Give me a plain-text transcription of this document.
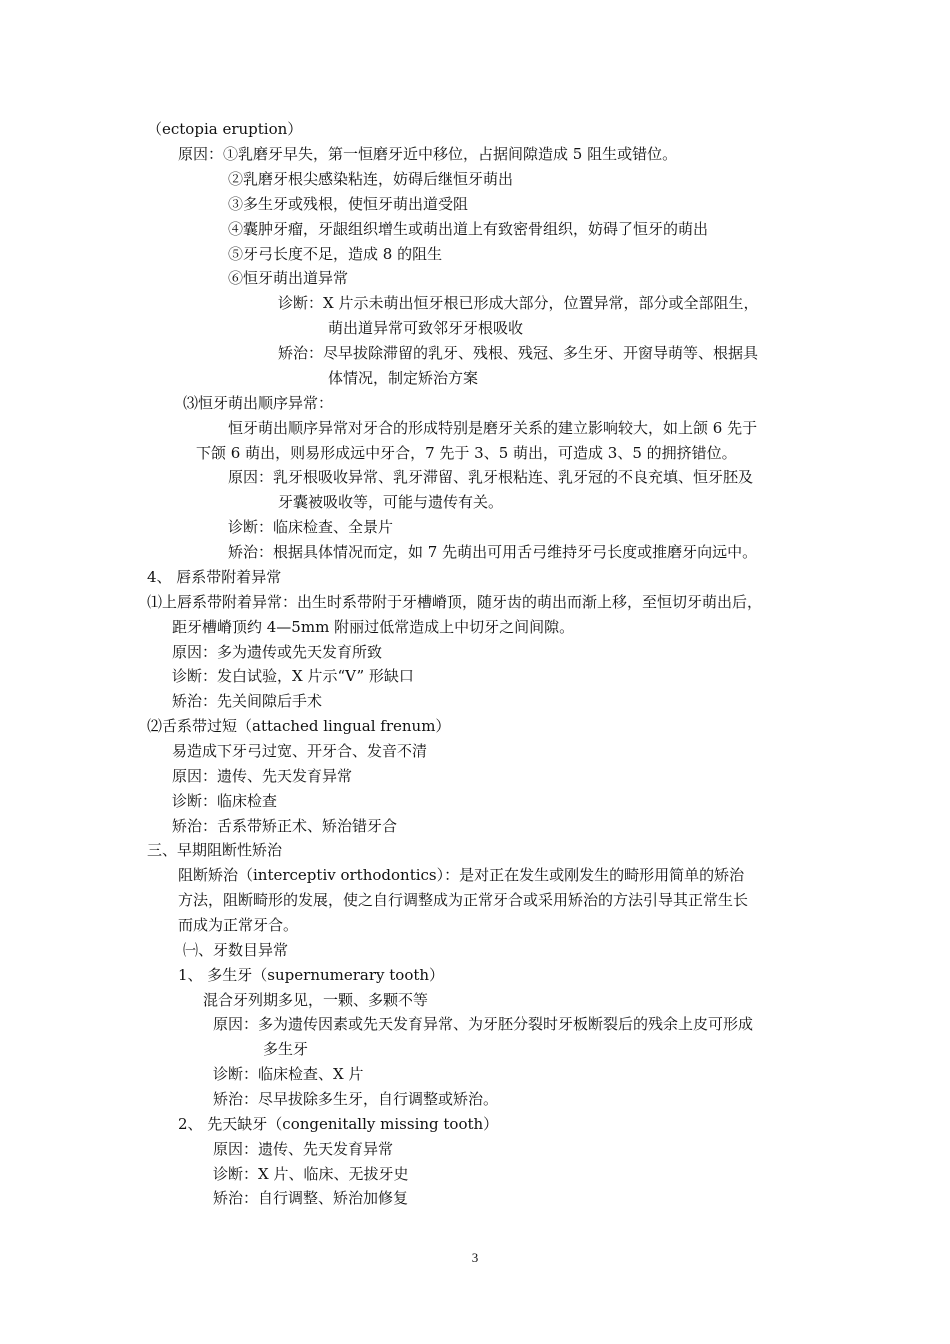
（ectopia eruption）
原因：①乳磨牙早失，第一恒磨牙近中移位，占据间隙造成 5 阻生或错位。
②乳磨牙根尖感染粘连，妨碍后继恒牙萌出
③多生牙或残根，使恒牙萌出道受阻
④囊肿牙瘤，牙龈组织增生或萌出道上有致密骨组织，妨碍了恒牙的萌出
⑤牙弓长度不足，造成 8 的阻生
⑥恒牙萌出道异常
诊断：X 片示未萌出恒牙根已形成大部分，位置异常，部分或全部阻生，
萌出道异常可致邻牙牙根吸收
矫治：尽早拔除滞留的乳牙、残根、残冠、多生牙、开窗导萌等、根据具
体情况，制定矫治方案
⑶恒牙萌出顺序异常：
恒牙萌出顺序异常对牙合的形成特别是磨牙关系的建立影响较大，如上颌 6 先于
下颌 6 萌出，则易形成远中牙合，7 先于 3、5 萌出，可造成 3、5 的拥挤错位。
原因：乳牙根吸收异常、乳牙滞留、乳牙根粘连、乳牙冠的不良充填、恒牙胚及
牙囊被吸收等，可能与遗传有关。
诊断：临床检查、全景片
矫治：根据具体情况而定，如 7 先萌出可用舌弓维持牙弓长度或推磨牙向远中。
4、 唇系带附着异常
⑴上唇系带附着异常：出生时系带附于牙槽嵴顶，随牙齿的萌出而渐上移，至恒切牙萌出后，
距牙槽嵴顶约 4—5mm 附丽过低常造成上中切牙之间间隙。
原因：多为遗传或先天发育所致
诊断：发白试验，X 片示“V” 形缺口
矫治：先关间隙后手术
⑵舌系带过短（attached lingual frenum）
易造成下牙弓过宽、开牙合、发音不清
原因：遗传、先天发育异常
诊断：临床检查
矫治：舌系带矫正术、矫治错牙合
三、早期阻断性矫治
阻断矫治（interceptiv orthodontics）：是对正在发生或刚发生的畸形用简单的矫治
方法，阻断畸形的发展，使之自行调整成为正常牙合或采用矫治的方法引导其正常生长
而成为正常牙合。
㈠、牙数目异常
1、 多生牙（supernumerary tooth）
混合牙列期多见，一颗、多颗不等
原因：多为遗传因素或先天发育异常、为牙胚分裂时牙板断裂后的残余上皮可形成
多生牙
诊断：临床检查、X 片
矫治：尽早拔除多生牙，自行调整或矫治。
2、 先天缺牙（congenitally missing tooth）
原因：遗传、先天发育异常
诊断：X 片、临床、无拔牙史
矫治：自行调整、矫治加修复
3
